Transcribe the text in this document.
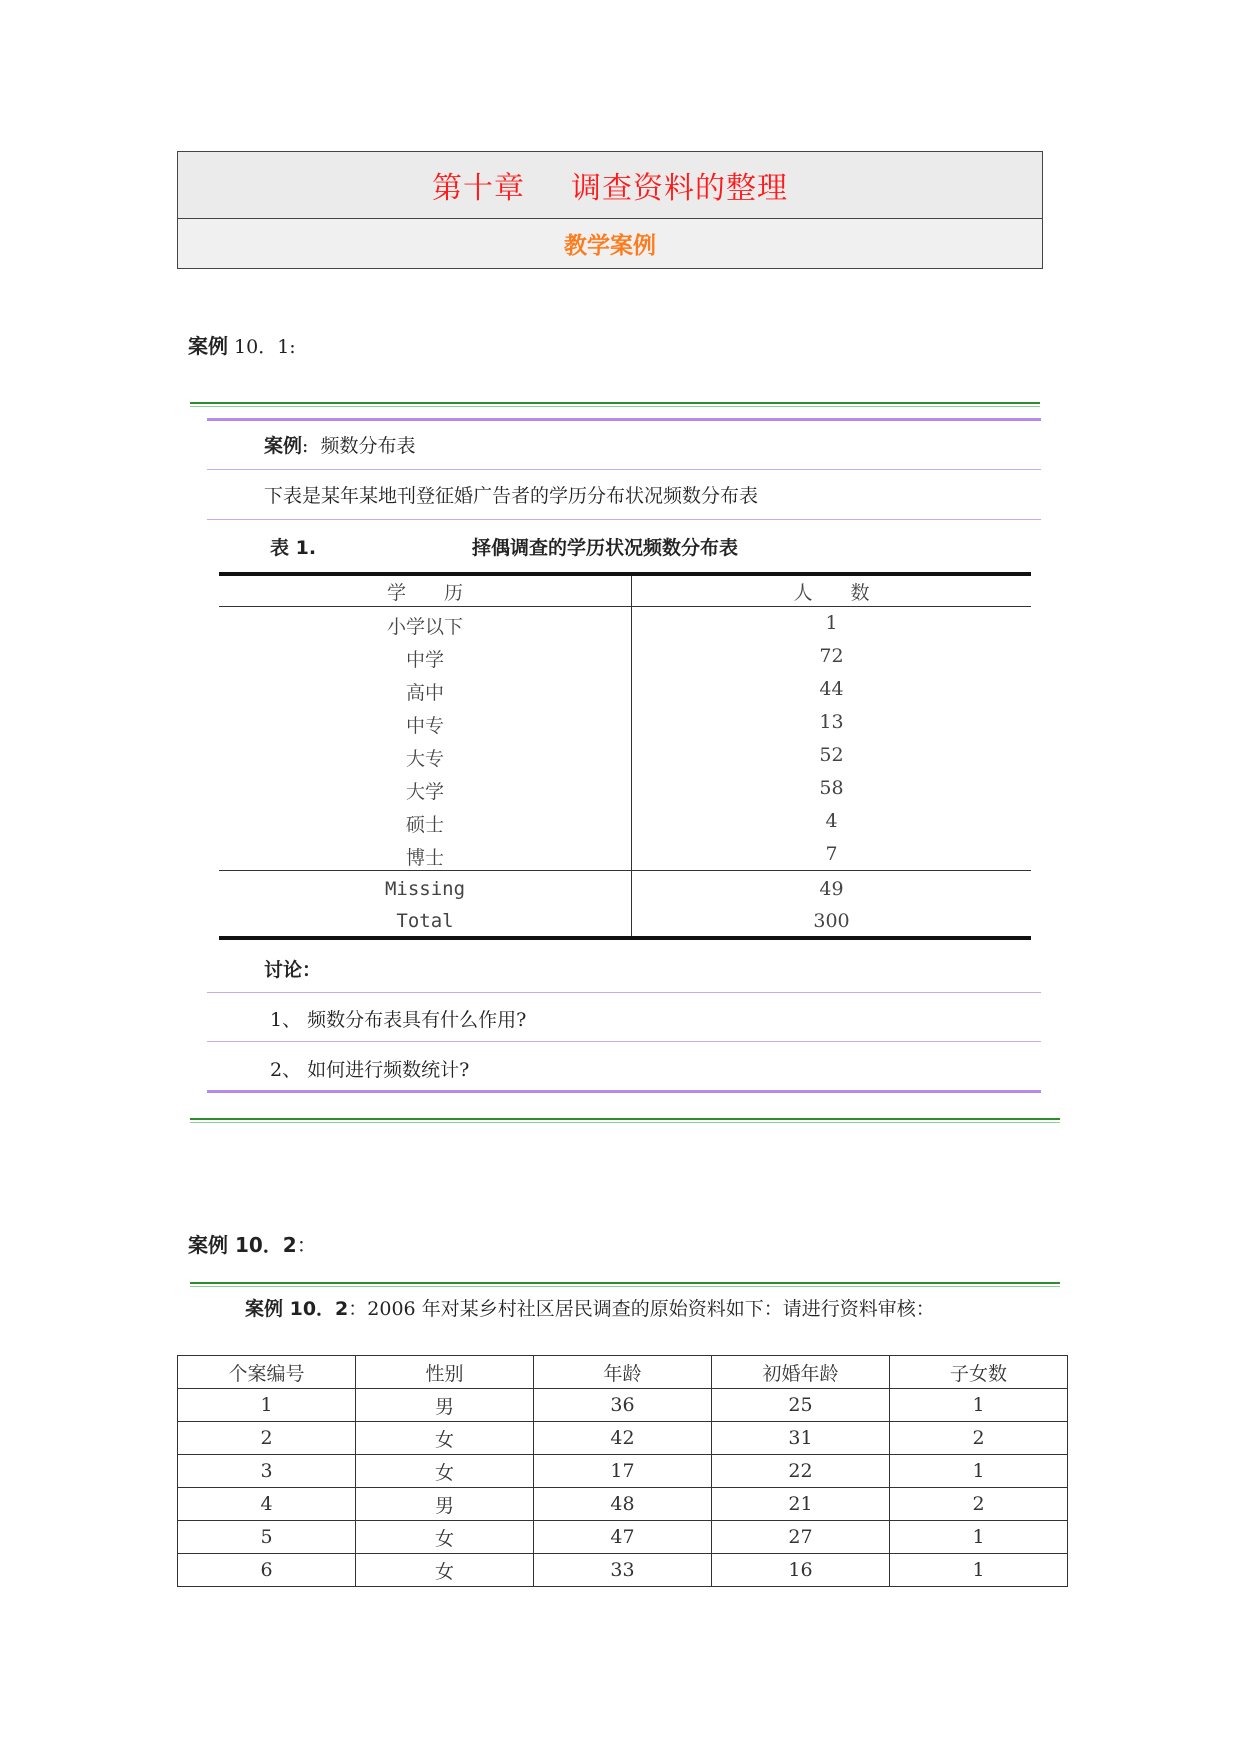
第十章 调查资料的整理
教学案例
案例 10．1:
案例: 频数分布表
下表是某年某地刊登征婚广告者的学历分布状况频数分布表
表 1.	择偶调查的学历状况频数分布表
学　　历	人　　数
小学以下	1
中学	72
高中	44
中专	13
大专	52
大学	58
硕士	4
博士	7
Missing	49
Total	300
讨论：
1、 频数分布表具有什么作用?
2、 如何进行频数统计?
案例 10．2：
案例 10．2：2006 年对某乡村社区居民调查的原始资料如下：请进行资料审核：
个案编号	性别	年龄	初婚年龄	子女数
1	男	36	25	1
2	女	42	31	2
3	女	17	22	1
4	男	48	21	2
5	女	47	27	1
6	女	33	16	1
